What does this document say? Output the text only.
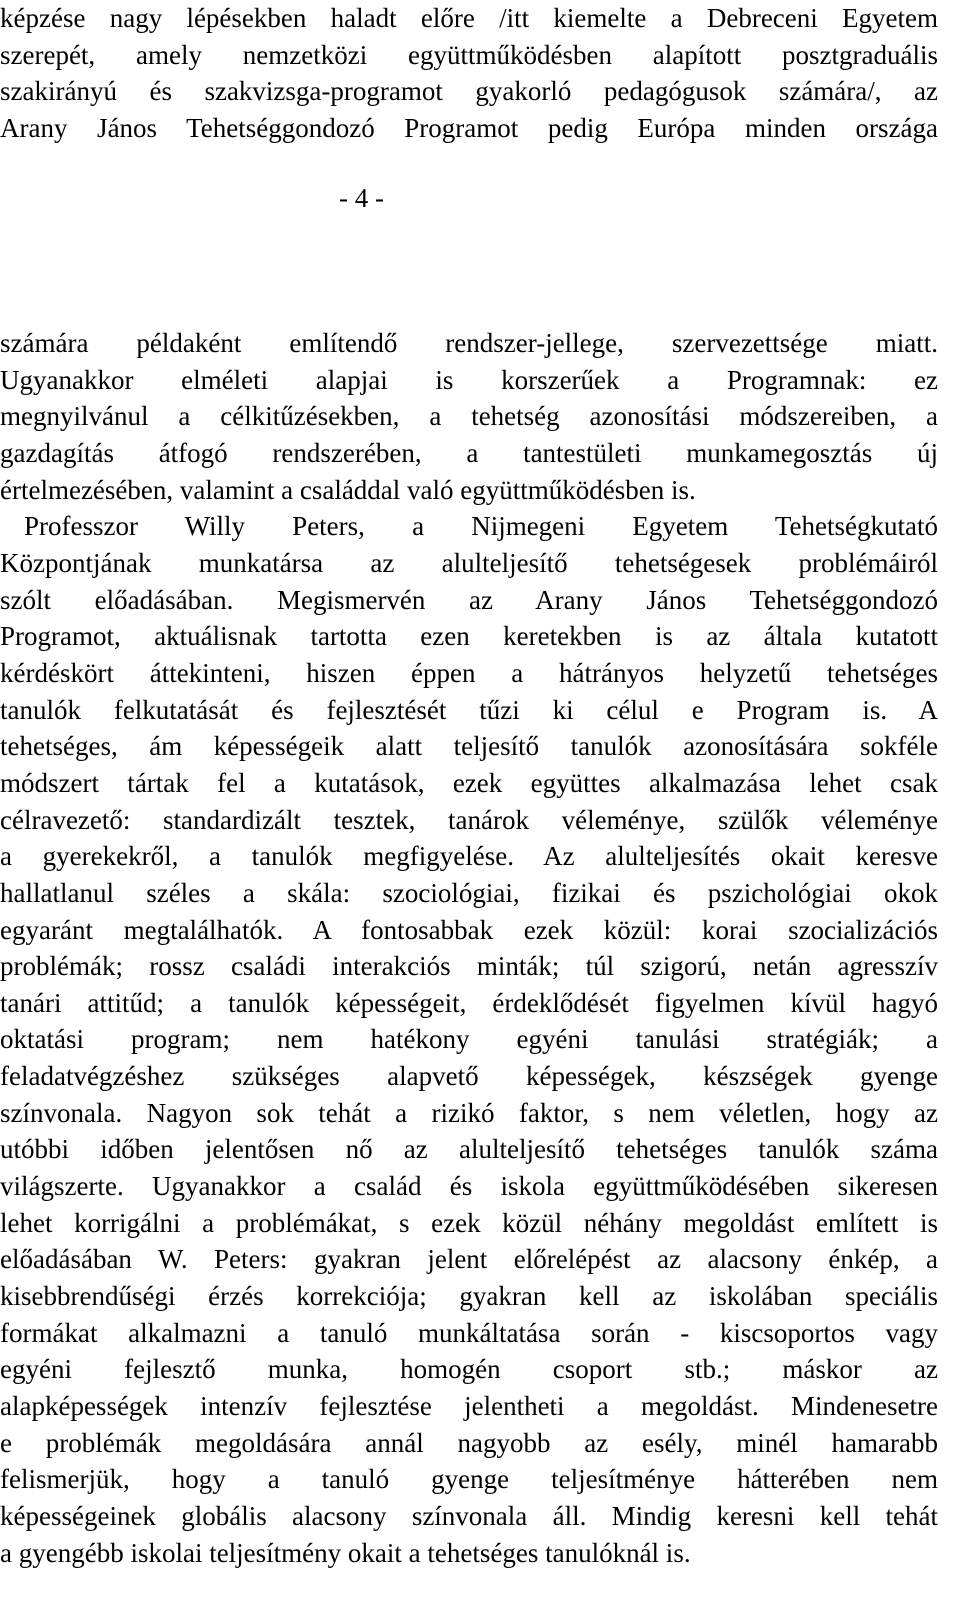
képzése nagy lépésekben haladt előre /itt kiemelte a Debreceni Egyetem
szerepét, amely nemzetközi együttműködésben alapított posztgraduális
szakirányú és szakvizsga-programot gyakorló pedagógusok számára/, az
Arany János Tehetséggondozó Programot pedig Európa minden országa
- 4 -
számára példaként említendő rendszer-jellege, szervezettsége miatt.
Ugyanakkor elméleti alapjai is korszerűek a Programnak: ez
megnyilvánul a célkitűzésekben, a tehetség azonosítási módszereiben, a
gazdagítás átfogó rendszerében, a tantestületi munkamegosztás új
értelmezésében, valamint a családdal való együttműködésben is.
Professzor Willy Peters, a Nijmegeni Egyetem Tehetségkutató
Központjának munkatársa az alulteljesítő tehetségesek problémáiról
szólt előadásában. Megismervén az Arany János Tehetséggondozó
Programot, aktuálisnak tartotta ezen keretekben is az általa kutatott
kérdéskört áttekinteni, hiszen éppen a hátrányos helyzetű tehetséges
tanulók felkutatását és fejlesztését tűzi ki célul e Program is. A
tehetséges, ám képességeik alatt teljesítő tanulók azonosítására sokféle
módszert tártak fel a kutatások, ezek együttes alkalmazása lehet csak
célravezető: standardizált tesztek, tanárok véleménye, szülők véleménye
a gyerekekről, a tanulók megfigyelése. Az alulteljesítés okait keresve
hallatlanul széles a skála: szociológiai, fizikai és pszichológiai okok
egyaránt megtalálhatók. A fontosabbak ezek közül: korai szocializációs
problémák; rossz családi interakciós minták; túl szigorú, netán agresszív
tanári attitűd; a tanulók képességeit, érdeklődését figyelmen kívül hagyó
oktatási program; nem hatékony egyéni tanulási stratégiák; a
feladatvégzéshez szükséges alapvető képességek, készségek gyenge
színvonala. Nagyon sok tehát a rizikó faktor, s nem véletlen, hogy az
utóbbi időben jelentősen nő az alulteljesítő tehetséges tanulók száma
világszerte. Ugyanakkor a család és iskola együttműködésében sikeresen
lehet korrigálni a problémákat, s ezek közül néhány megoldást említett is
előadásában W. Peters: gyakran jelent előrelépést az alacsony énkép, a
kisebbrendűségi érzés korrekciója; gyakran kell az iskolában speciális
formákat alkalmazni a tanuló munkáltatása során - kiscsoportos vagy
egyéni fejlesztő munka, homogén csoport stb.; máskor az
alapképességek intenzív fejlesztése jelentheti a megoldást. Mindenesetre
e problémák megoldására annál nagyobb az esély, minél hamarabb
felismerjük, hogy a tanuló gyenge teljesítménye hátterében nem
képességeinek globális alacsony színvonala áll. Mindig keresni kell tehát
a gyengébb iskolai teljesítmény okait a tehetséges tanulóknál is.
